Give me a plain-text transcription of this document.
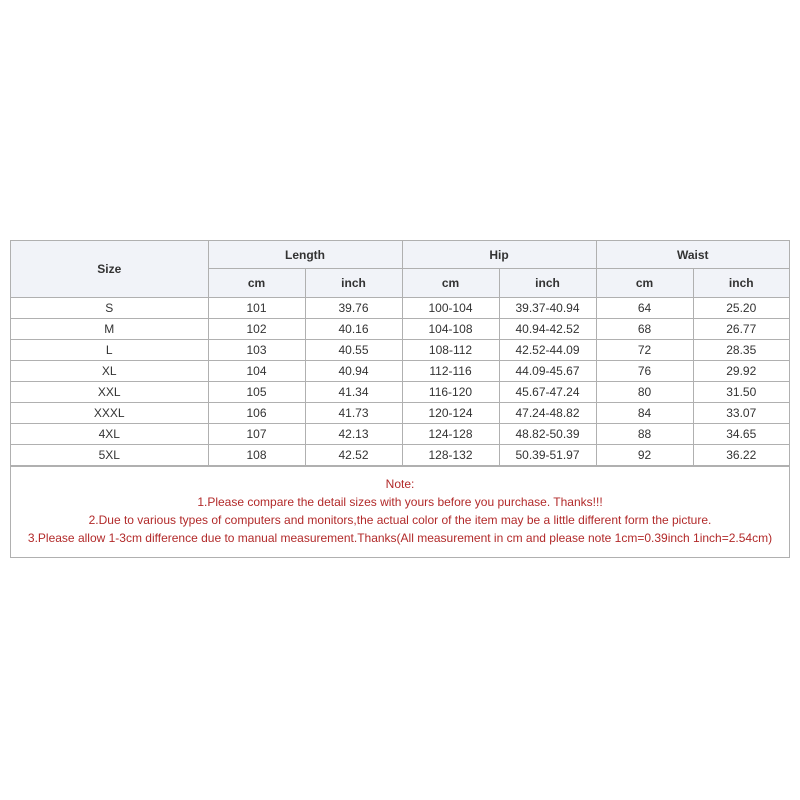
Size	Length		Hip		Waist	
	cm	inch	cm	inch	cm	inch
S	101	39.76	100-104	39.37-40.94	64	25.20
M	102	40.16	104-108	40.94-42.52	68	26.77
L	103	40.55	108-112	42.52-44.09	72	28.35
XL	104	40.94	112-116	44.09-45.67	76	29.92
XXL	105	41.34	116-120	45.67-47.24	80	31.50
XXXL	106	41.73	120-124	47.24-48.82	84	33.07
4XL	107	42.13	124-128	48.82-50.39	88	34.65
5XL	108	42.52	128-132	50.39-51.97	92	36.22
Note:
1.Please compare the detail sizes with yours before you purchase. Thanks!!!
2.Due to various types of computers and monitors,the actual color of the item may be a little different form the picture.
3.Please allow 1-3cm difference due to manual measurement.Thanks(All measurement in cm and please note 1cm=0.39inch 1inch=2.54cm)
